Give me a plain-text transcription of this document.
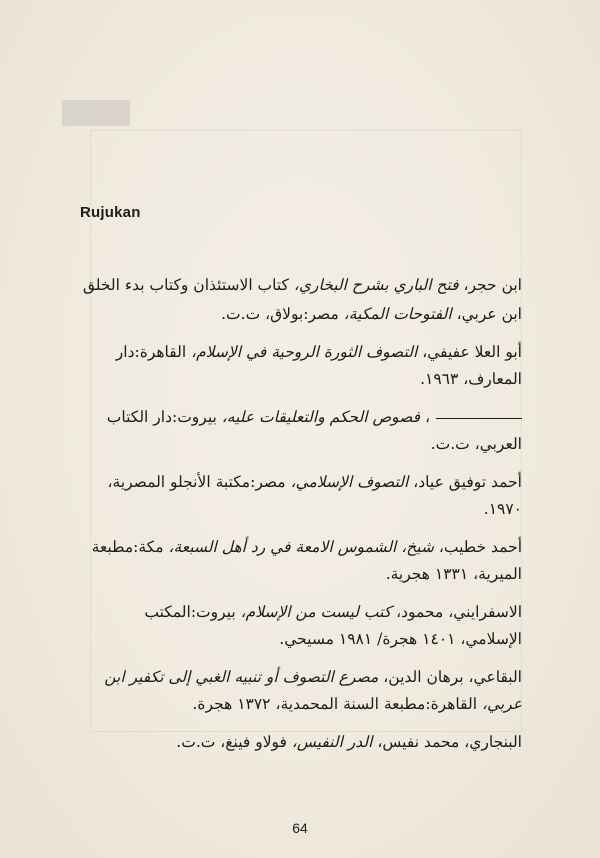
Rujukan
ابن حجر، فتح الباري بشرح البخاري، كتاب الاستئذان وكتاب بدء الخلق
ابن عربي، الفتوحات المكية، مصر:بولاق، ت.ت.
أبو العلا عفيفي، التصوف الثورة الروحية في الإسلام، القاهرة:دار المعارف، ١٩٦٣.
، فصوص الحكم والتعليقات عليه، بيروت:دار الكتاب العربي، ت.ت.
أحمد توفيق عياد، التصوف الإسلامي، مصر:مكتبة الأنجلو المصرية، ١٩٧٠.
أحمد خطيب، شيخ، الشموس الامعة في رد أهل السبعة، مكة:مطبعة الميرية، ١٣٣١ هجرية.
الاسفرايني، محمود، كتب ليست من الإسلام، بيروت:المكتب الإسلامي، ١٤٠١ هجرة/ ١٩٨١ مسيحي.
البقاعي، برهان الدين، مصرع التصوف أو تنبيه الغبي إلى تكفير ابن عربي، القاهرة:مطبعة السنة المحمدية، ١٣٧٢ هجرة.
البنجاري، محمد نفيس، الدر النفيس، فولاو فينغ، ت.ت.
64
